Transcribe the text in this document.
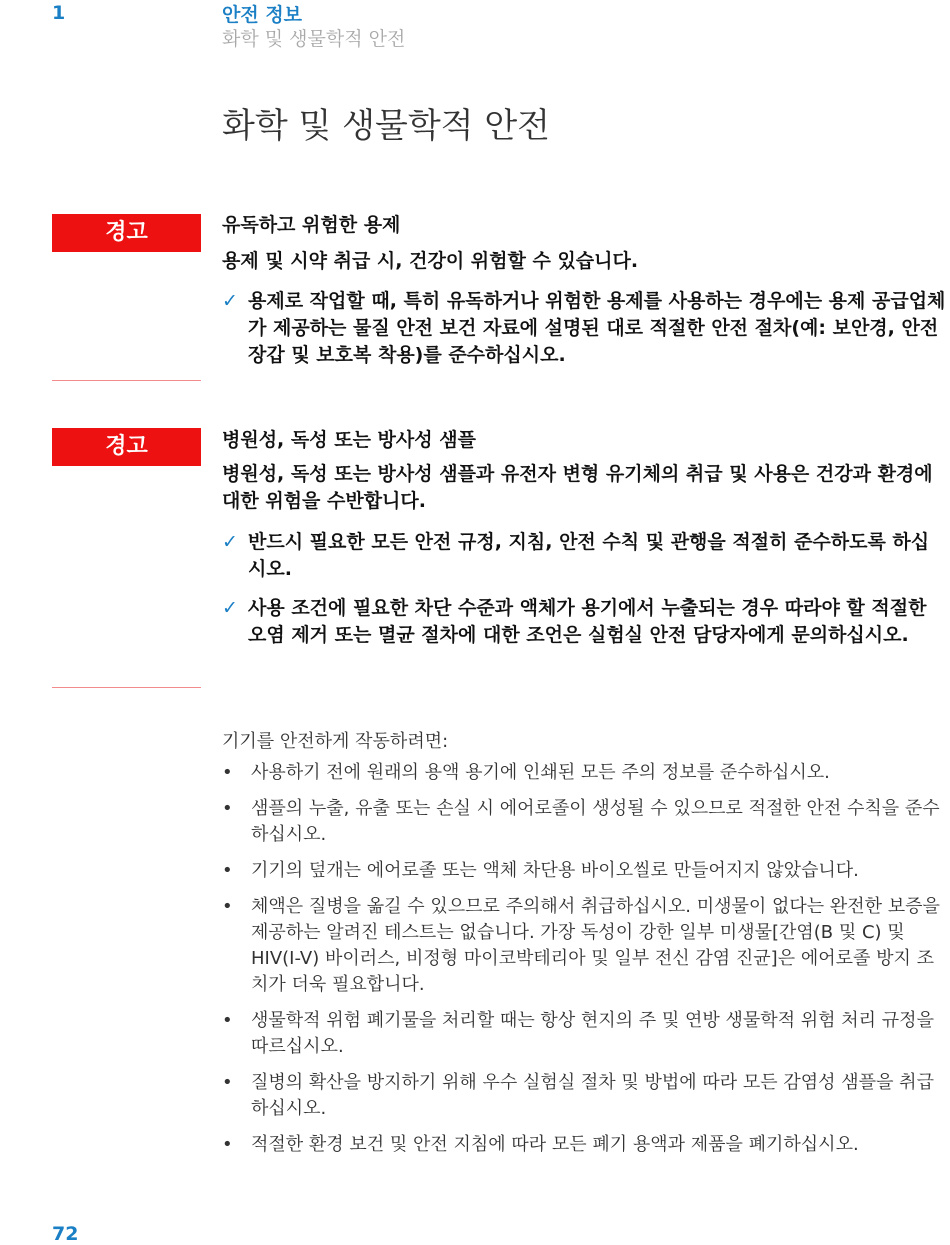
1	안전 정보
화학 및 생물학적 안전
화학 및 생물학적 안전
경고	유독하고 위험한 용제

용제 및 시약 취급 시, 건강이 위험할 수 있습니다.

✓ 용제로 작업할 때, 특히 유독하거나 위험한 용제를 사용하는 경우에는 용제 공급업체가 제공하는 물질 안전 보건 자료에 설명된 대로 적절한 안전 절차(예: 보안경, 안전 장갑 및 보호복 착용)를 준수하십시오.
경고	병원성, 독성 또는 방사성 샘플

병원성, 독성 또는 방사성 샘플과 유전자 변형 유기체의 취급 및 사용은 건강과 환경에 대한 위험을 수반합니다.

✓ 반드시 필요한 모든 안전 규정, 지침, 안전 수칙 및 관행을 적절히 준수하도록 하십시오.
✓ 사용 조건에 필요한 차단 수준과 액체가 용기에서 누출되는 경우 따라야 할 적절한 오염 제거 또는 멸균 절차에 대한 조언은 실험실 안전 담당자에게 문의하십시오.

기기를 안전하게 작동하려면:

• 사용하기 전에 원래의 용액 용기에 인쇄된 모든 주의 정보를 준수하십시오.
• 샘플의 누출, 유출 또는 손실 시 에어로졸이 생성될 수 있으므로 적절한 안전 수칙을 준수하십시오.
• 기기의 덮개는 에어로졸 또는 액체 차단용 바이오씰로 만들어지지 않았습니다.
• 체액은 질병을 옮길 수 있으므로 주의해서 취급하십시오. 미생물이 없다는 완전한 보증을 제공하는 알려진 테스트는 없습니다. 가장 독성이 강한 일부 미생물[간염(B 및 C) 및 HIV(I-V) 바이러스, 비정형 마이코박테리아 및 일부 전신 감염 진균]은 에어로졸 방지 조치가 더욱 필요합니다.
• 생물학적 위험 폐기물을 처리할 때는 항상 현지의 주 및 연방 생물학적 위험 처리 규정을 따르십시오.
• 질병의 확산을 방지하기 위해 우수 실험실 절차 및 방법에 따라 모든 감염성 샘플을 취급하십시오.
• 적절한 환경 보건 및 안전 지침에 따라 모든 폐기 용액과 제품을 폐기하십시오.
72
